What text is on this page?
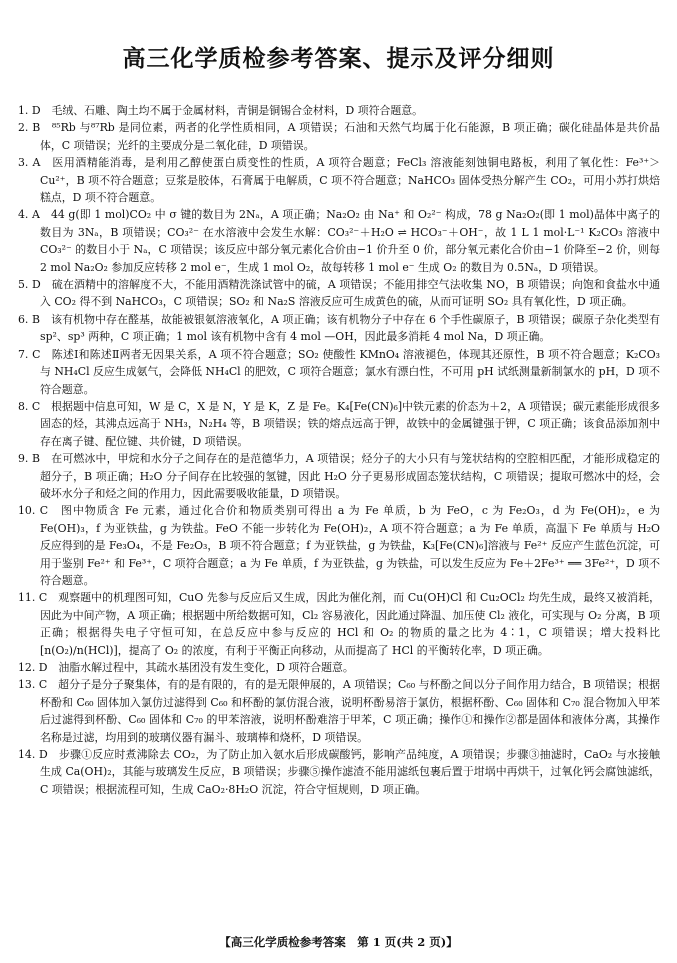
高三化学质检参考答案、提示及评分细则

1. D　毛绒、石雕、陶土均不属于金属材料，青铜是铜锡合金材料，D 项符合题意。

2. B　⁸⁵Rb 与⁸⁷Rb 是同位素，两者的化学性质相同，A 项错误；石油和天然气均属于化石能源，B 项正确；碳化硅晶体是共价晶体，C 项错误；光纤的主要成分是二氧化硅，D 项错误。

3. A　医用酒精能消毒，是利用乙醇使蛋白质变性的性质，A 项符合题意；FeCl₃ 溶液能刻蚀铜电路板，利用了氧化性：Fe³⁺＞Cu²⁺，B 项不符合题意；豆浆是胶体，石膏属于电解质，C 项不符合题意；NaHCO₃ 固体受热分解产生 CO₂，可用小苏打烘焙糕点，D 项不符合题意。

4. A　44 g(即 1 mol)CO₂ 中 σ 键的数目为 2Nₐ，A 项正确；Na₂O₂ 由 Na⁺ 和 O₂²⁻ 构成，78 g Na₂O₂(即 1 mol)晶体中离子的数目为 3Nₐ，B 项错误；CO₃²⁻ 在水溶液中会发生水解：CO₃²⁻＋H₂O ⇌ HCO₃⁻＋OH⁻，故 1 L 1 mol·L⁻¹ K₂CO₃ 溶液中 CO₃²⁻ 的数目小于 Nₐ，C 项错误；该反应中部分氧元素化合价由−1 价升至 0 价，部分氧元素化合价由−1 价降至−2 价，则每 2 mol Na₂O₂ 参加反应转移 2 mol e⁻，生成 1 mol O₂，故每转移 1 mol e⁻ 生成 O₂ 的数目为 0.5Nₐ，D 项错误。

5. D　硫在酒精中的溶解度不大，不能用酒精洗涤试管中的硫，A 项错误；不能用排空气法收集 NO，B 项错误；向饱和食盐水中通入 CO₂ 得不到 NaHCO₃，C 项错误；SO₂ 和 Na₂S 溶液反应可生成黄色的硫，从而可证明 SO₂ 具有氧化性，D 项正确。

6. B　该有机物中存在醛基，故能被银氨溶液氧化，A 项正确；该有机物分子中存在 6 个手性碳原子，B 项错误；碳原子杂化类型有 sp²、sp³ 两种，C 项正确；1 mol 该有机物中含有 4 mol —OH，因此最多消耗 4 mol Na，D 项正确。

7. C　陈述Ⅰ和陈述Ⅱ两者无因果关系，A 项不符合题意；SO₂ 使酸性 KMnO₄ 溶液褪色，体现其还原性，B 项不符合题意；K₂CO₃ 与 NH₄Cl 反应生成氨气，会降低 NH₄Cl 的肥效，C 项符合题意；氯水有漂白性，不可用 pH 试纸测量新制氯水的 pH，D 项不符合题意。

8. C　根据题中信息可知，W 是 C，X 是 N，Y 是 K，Z 是 Fe。K₄[Fe(CN)₆]中铁元素的价态为＋2，A 项错误；碳元素能形成很多固态的烃，其沸点远高于 NH₃，N₂H₄ 等，B 项错误；铁的熔点远高于钾，故铁中的金属键强于钾，C 项正确；该食品添加剂中存在离子键、配位键、共价键，D 项错误。

9. B　在可燃冰中，甲烷和水分子之间存在的是范德华力，A 项错误；烃分子的大小只有与笼状结构的空腔相匹配，才能形成稳定的超分子，B 项正确；H₂O 分子间存在比较强的氢键，因此 H₂O 分子更易形成固态笼状结构，C 项错误；提取可燃冰中的烃，会破坏水分子和烃之间的作用力，因此需要吸收能量，D 项错误。

10. C　图中物质含 Fe 元素，通过化合价和物质类别可得出 a 为 Fe 单质，b 为 FeO，c 为 Fe₂O₃，d 为 Fe(OH)₂，e 为 Fe(OH)₃，f 为亚铁盐，g 为铁盐。FeO 不能一步转化为 Fe(OH)₂，A 项不符合题意；a 为 Fe 单质，高温下 Fe 单质与 H₂O 反应得到的是 Fe₃O₄，不是 Fe₂O₃，B 项不符合题意；f 为亚铁盐，g 为铁盐，K₃[Fe(CN)₆]溶液与 Fe²⁺ 反应产生蓝色沉淀，可用于鉴别 Fe²⁺ 和 Fe³⁺，C 项符合题意；a 为 Fe 单质，f 为亚铁盐，g 为铁盐，可以发生反应为 Fe＋2Fe³⁺ ══ 3Fe²⁺，D 项不符合题意。

11. C　观察题中的机理图可知，CuO 先参与反应后又生成，因此为催化剂，而 Cu(OH)Cl 和 Cu₂OCl₂ 均先生成，最终又被消耗，因此为中间产物，A 项正确；根据题中所给数据可知，Cl₂ 容易液化，因此通过降温、加压使 Cl₂ 液化，可实现与 O₂ 分离，B 项正确；根据得失电子守恒可知，在总反应中参与反应的 HCl 和 O₂ 的物质的量之比为 4∶1，C 项错误；增大投料比 [n(O₂)/n(HCl)]，提高了 O₂ 的浓度，有利于平衡正向移动，从而提高了 HCl 的平衡转化率，D 项正确。

12. D　油脂水解过程中，其疏水基团没有发生变化，D 项符合题意。

13. C　超分子是分子聚集体，有的是有限的，有的是无限伸展的，A 项错误；C₆₀ 与杯酚之间以分子间作用力结合，B 项错误；根据杯酚和 C₆₀ 固体加入氯仿过滤得到 C₆₀ 和杯酚的氯仿混合液，说明杯酚易溶于氯仿，根据杯酚、C₆₀ 固体和 C₇₀ 混合物加入甲苯后过滤得到杯酚、C₆₀ 固体和 C₇₀ 的甲苯溶液，说明杯酚难溶于甲苯，C 项正确；操作①和操作②都是固体和液体分离，其操作名称是过滤，均用到的玻璃仪器有漏斗、玻璃棒和烧杯，D 项错误。

14. D　步骤①反应时煮沸除去 CO₂，为了防止加入氨水后形成碳酸钙，影响产品纯度，A 项错误；步骤③抽滤时，CaO₂ 与水接触生成 Ca(OH)₂，其能与玻璃发生反应，B 项错误；步骤⑤操作滤渣不能用滤纸包裹后置于坩埚中再烘干，过氧化钙会腐蚀滤纸，C 项错误；根据流程可知，生成 CaO₂·8H₂O 沉淀，符合守恒规则，D 项正确。

【高三化学质检参考答案　第 1 页(共 2 页)】
